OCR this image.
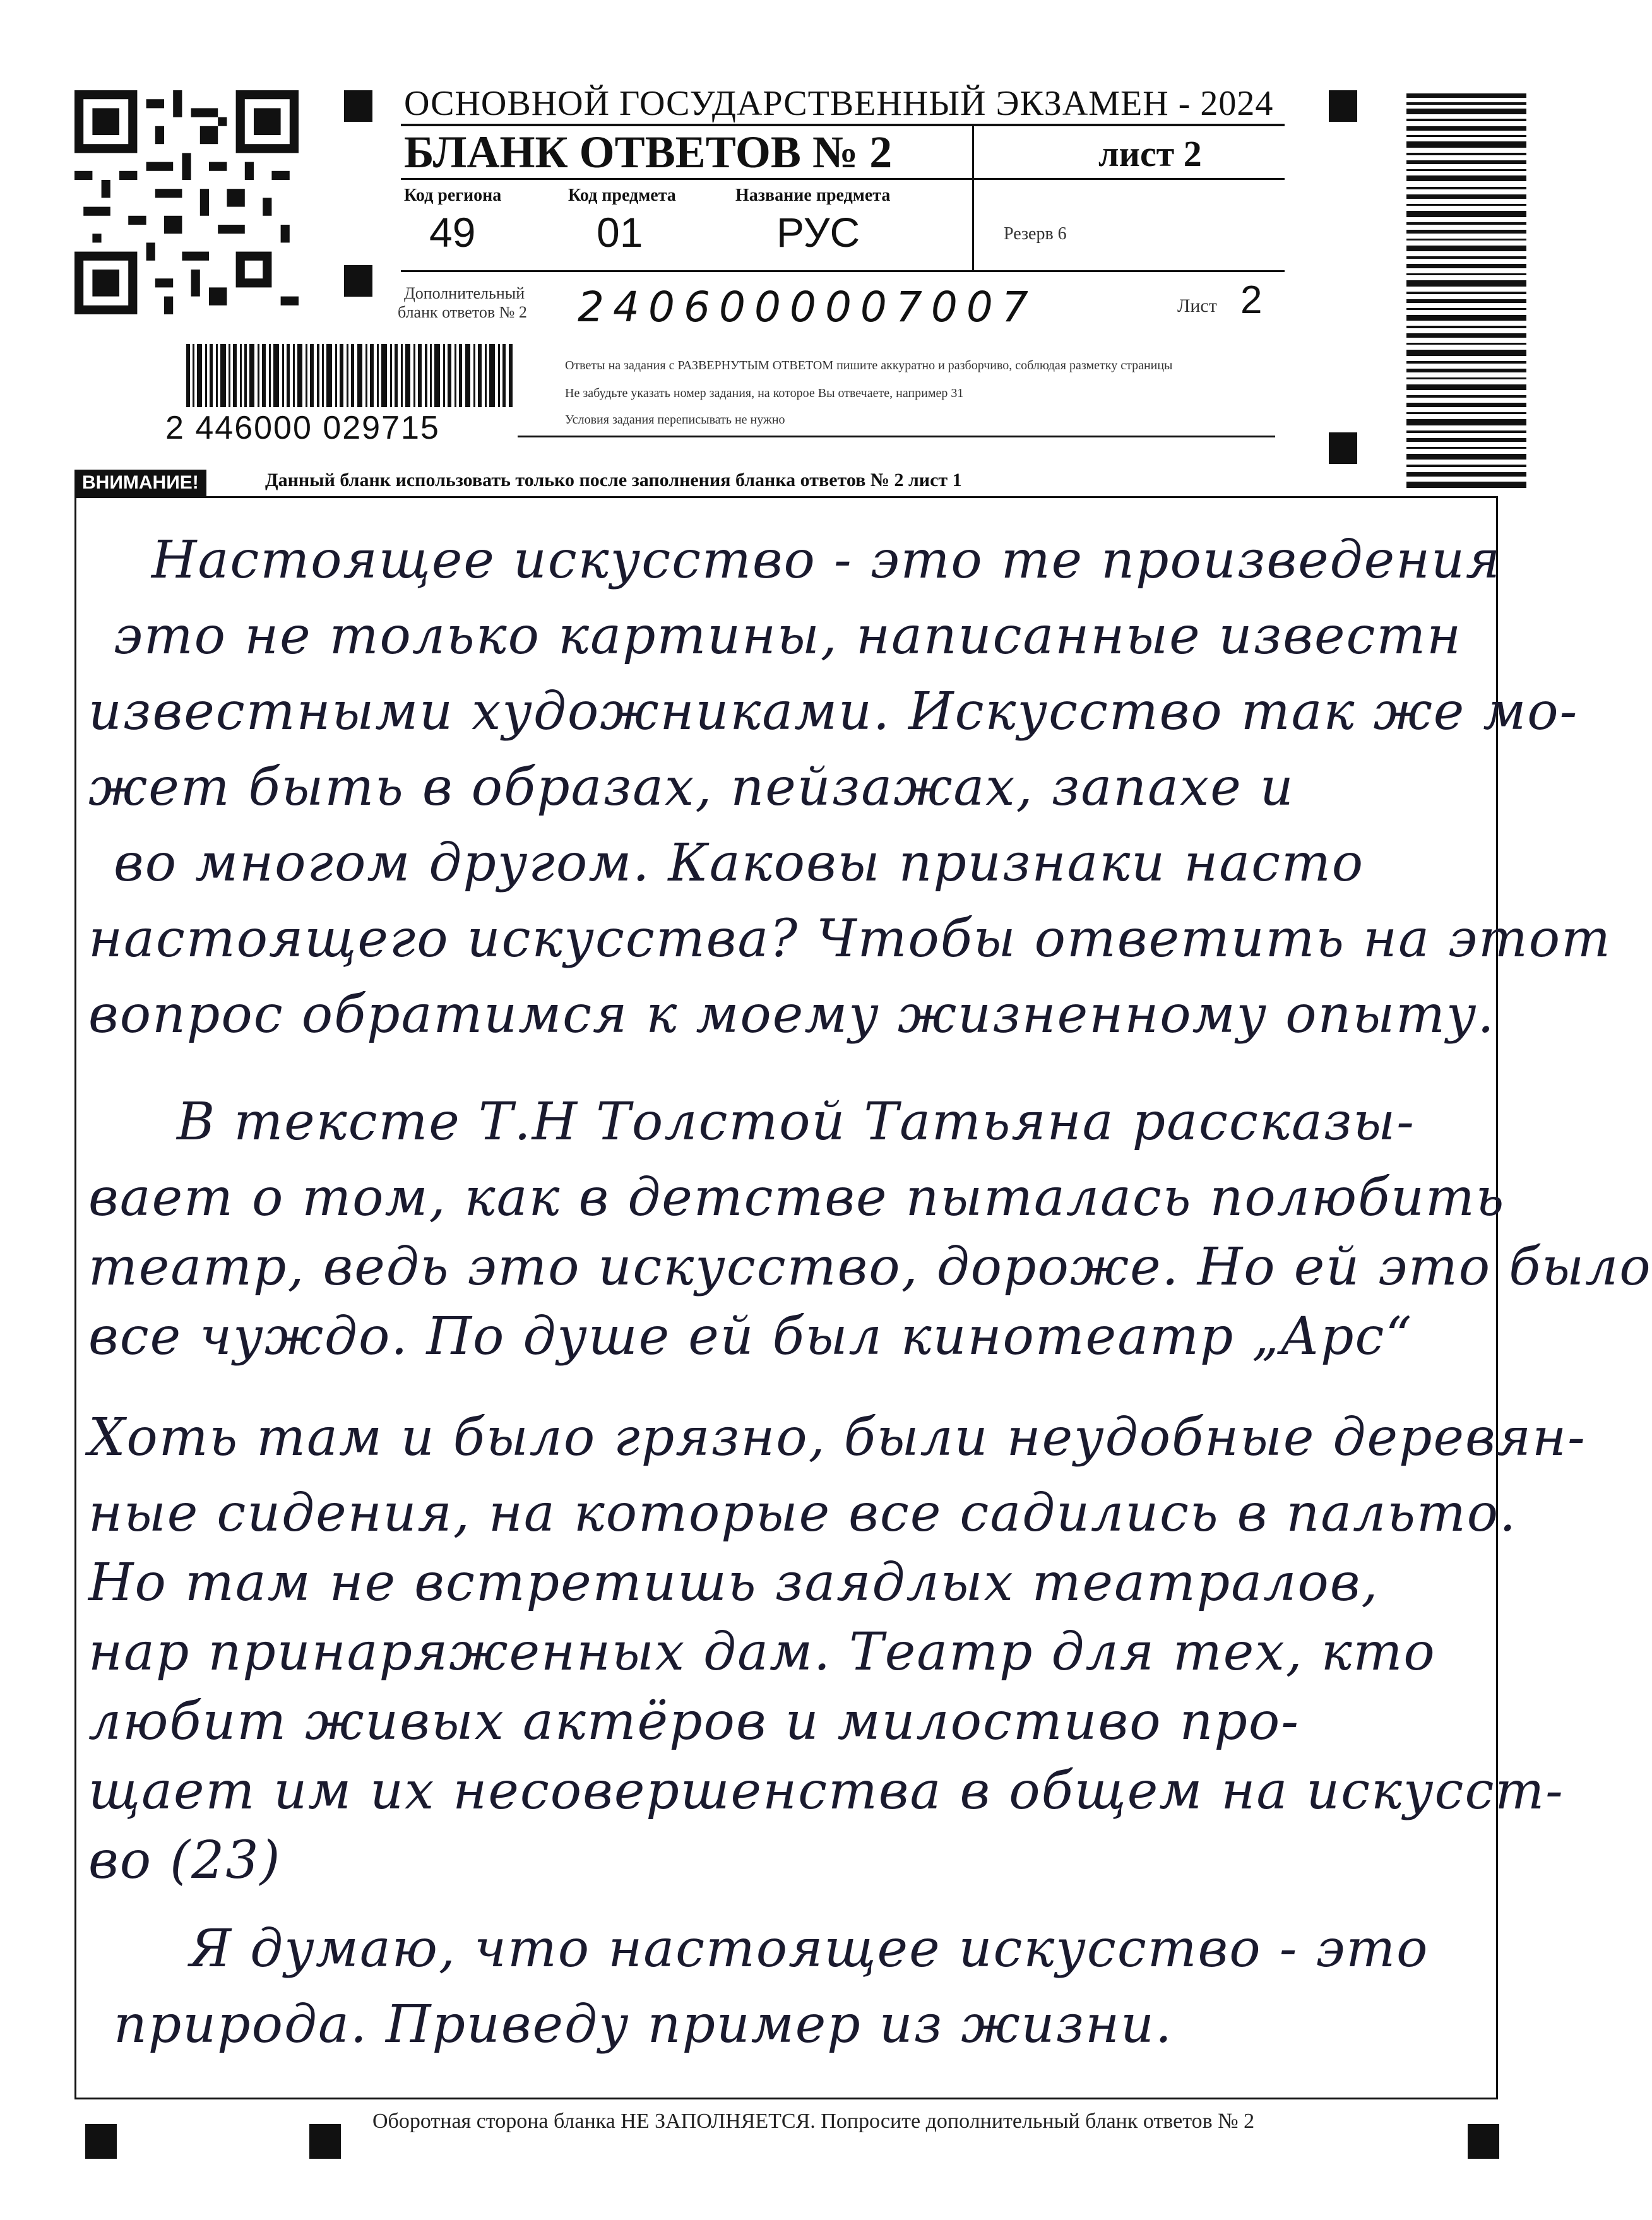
ОСНОВНОЙ ГОСУДАРСТВЕННЫЙ ЭКЗАМЕН - 2024
БЛАНК ОТВЕТОВ № 2	лист 2
Код региона
49
Код предмета
01
Название предмета
РУС	Резерв 6
Дополнительный
бланк ответов № 2 2406000007007	Лист 2
Ответы на задания с РАЗВЕРНУТЫМ ОТВЕТОМ пишите аккуратно и разборчиво, соблюдая разметку страницы
Не забудьте указать номер задания, на которое Вы отвечаете, например 31
Условия задания переписывать не нужно
2 446000 029715
ВНИМАНИЕ!	Данный бланк использовать только после заполнения бланка ответов № 2 лист 1
Настоящее искусство - это те произведения
это не только картины, написанные известн
известными художниками. Искусство так же мо-
жет быть в образах, пейзажах, запахе и
во многом другом. Каковы признаки насто
настоящего искусства? Чтобы ответить на этот
вопрос обратимся к моему жизненному опыту.
В тексте Т.Н Толстой Татьяна рассказы-
вает о том, как в детстве пыталась полюбить
театр, ведь это искусство, дороже. Но ей это было
все чуждо. По душе ей был кинотеатр „Арс“
Хоть там и было грязно, были неудобные деревян-
ные сидения, на которые все садились в пальто.
Но там не встретишь заядлых театралов,
нар принаряженных дам. Театр для тех, кто
любит живых актёров и милостиво про-
щает им их несовершенства в общем на искусст-
во (23)
Я думаю, что настоящее искусство - это
природа. Приведу пример из жизни.
Оборотная сторона бланка НЕ ЗАПОЛНЯЕТСЯ. Попросите дополнительный бланк ответов № 2
